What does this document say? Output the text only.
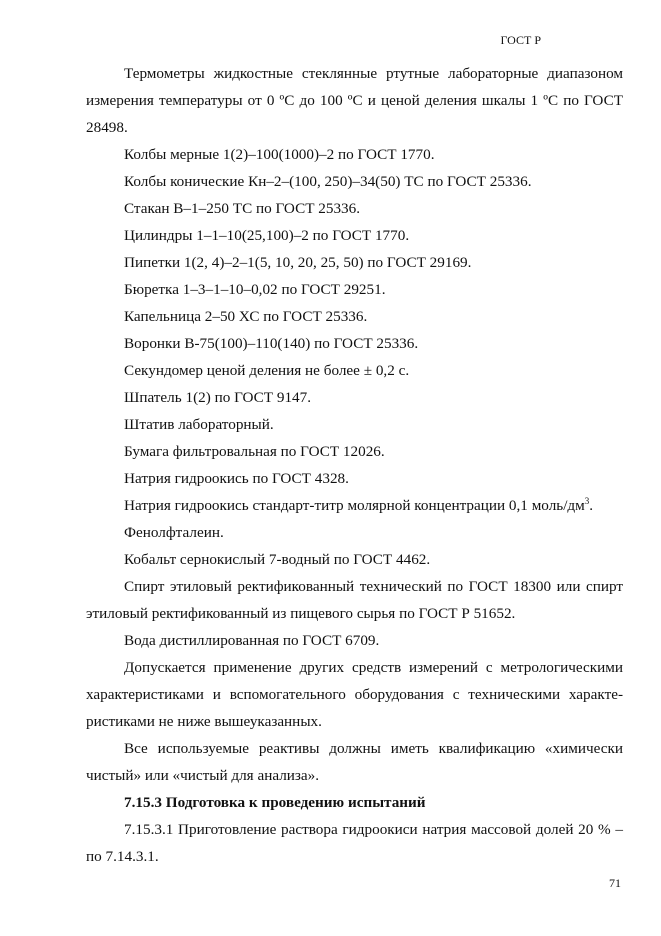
ГОСТ Р

Термометры жидкостные стеклянные ртутные лабораторные диапазоном измерения температуры от 0 ºС до 100 ºС и ценой деления шкалы 1 ºС по ГОСТ 28498.

Колбы мерные 1(2)–100(1000)–2 по ГОСТ 1770.

Колбы конические Кн–2–(100, 250)–34(50) ТС по ГОСТ 25336.

Стакан В–1–250 ТС по ГОСТ 25336.

Цилиндры 1–1–10(25,100)–2 по ГОСТ 1770.

Пипетки 1(2, 4)–2–1(5, 10, 20, 25, 50) по ГОСТ 29169.

Бюретка 1–3–1–10–0,02 по ГОСТ 29251.

Капельница 2–50 ХС по ГОСТ 25336.

Воронки В-75(100)–110(140) по ГОСТ 25336.

Секундомер ценой деления не более ± 0,2 с.

Шпатель 1(2) по ГОСТ 9147.

Штатив лабораторный.

Бумага фильтровальная по ГОСТ 12026.

Натрия гидроокись по ГОСТ 4328.

Натрия гидроокись стандарт-титр молярной концентрации 0,1 моль/$дм^3$.

Фенолфталеин.

Кобальт сернокислый 7-водный по ГОСТ 4462.

Спирт этиловый ректификованный технический по ГОСТ 18300 или спирт этиловый ректификованный из пищевого сырья по ГОСТ Р 51652.

Вода дистиллированная по ГОСТ 6709.

Допускается применение других средств измерений с метрологическими характеристиками и вспомогательного оборудования с техническими характе-ристиками не ниже вышеуказанных.

Все используемые реактивы должны иметь квалификацию «химически чистый» или «чистый для анализа».

7.15.3 Подготовка к проведению испытаний

7.15.3.1 Приготовление раствора гидроокиси натрия массовой долей 20 % – по 7.14.3.1.

71
